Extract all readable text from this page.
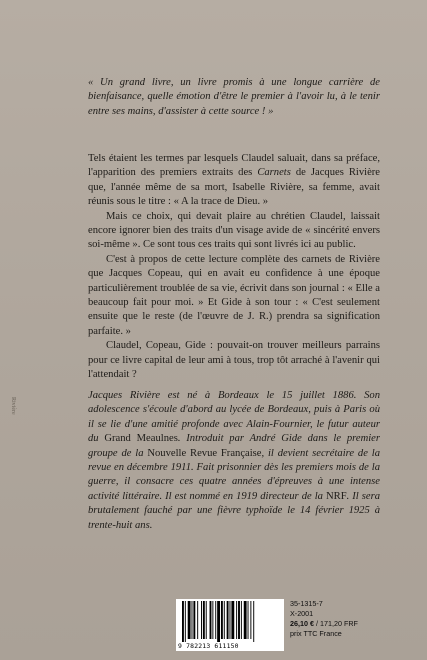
« Un grand livre, un livre promis à une longue carrière de bienfaisance, quelle émotion d'être le premier à l'avoir lu, à le tenir entre ses mains, d'assister à cette source ! »

Tels étaient les termes par lesquels Claudel saluait, dans sa préface, l'apparition des premiers extraits des Carnets de Jacques Rivière que, l'année même de sa mort, Isabelle Rivière, sa femme, avait réunis sous le titre : « A la trace de Dieu. »

Mais ce choix, qui devait plaire au chrétien Claudel, laissait encore ignorer bien des traits d'un visage avide de « sincérité envers soi-même ». Ce sont tous ces traits qui sont livrés ici au public.

C'est à propos de cette lecture complète des carnets de Rivière que Jacques Copeau, qui en avait eu confidence à une époque particulièrement troublée de sa vie, écrivit dans son journal : « Elle a beaucoup fait pour moi. » Et Gide à son tour : « C'est seulement ensuite que le reste (de l'œuvre de J. R.) prendra sa signification parfaite. »

Claudel, Copeau, Gide : pouvait-on trouver meilleurs parrains pour ce livre capital de leur ami à tous, trop tôt arraché à l'avenir qui l'attendait ?

Jacques Rivière est né à Bordeaux le 15 juillet 1886. Son adolescence s'écoule d'abord au lycée de Bordeaux, puis à Paris où il se lie d'une amitié profonde avec Alain-Fournier, le futur auteur du Grand Meaulnes. Introduit par André Gide dans le premier groupe de la Nouvelle Revue Française, il devient secrétaire de la revue en décembre 1911. Fait prisonnier dès les premiers mois de la guerre, il consacre ces quatre années d'épreuves à une intense activité littéraire. Il est nommé en 1919 directeur de la NRF. Il sera brutalement fauché par une fièvre typhoïde le 14 février 1925 à trente-huit ans.

Rivière
9 782213 611150
35-1315-7
X-2001
26,10 € / 171,20 FRF
prix TTC France
